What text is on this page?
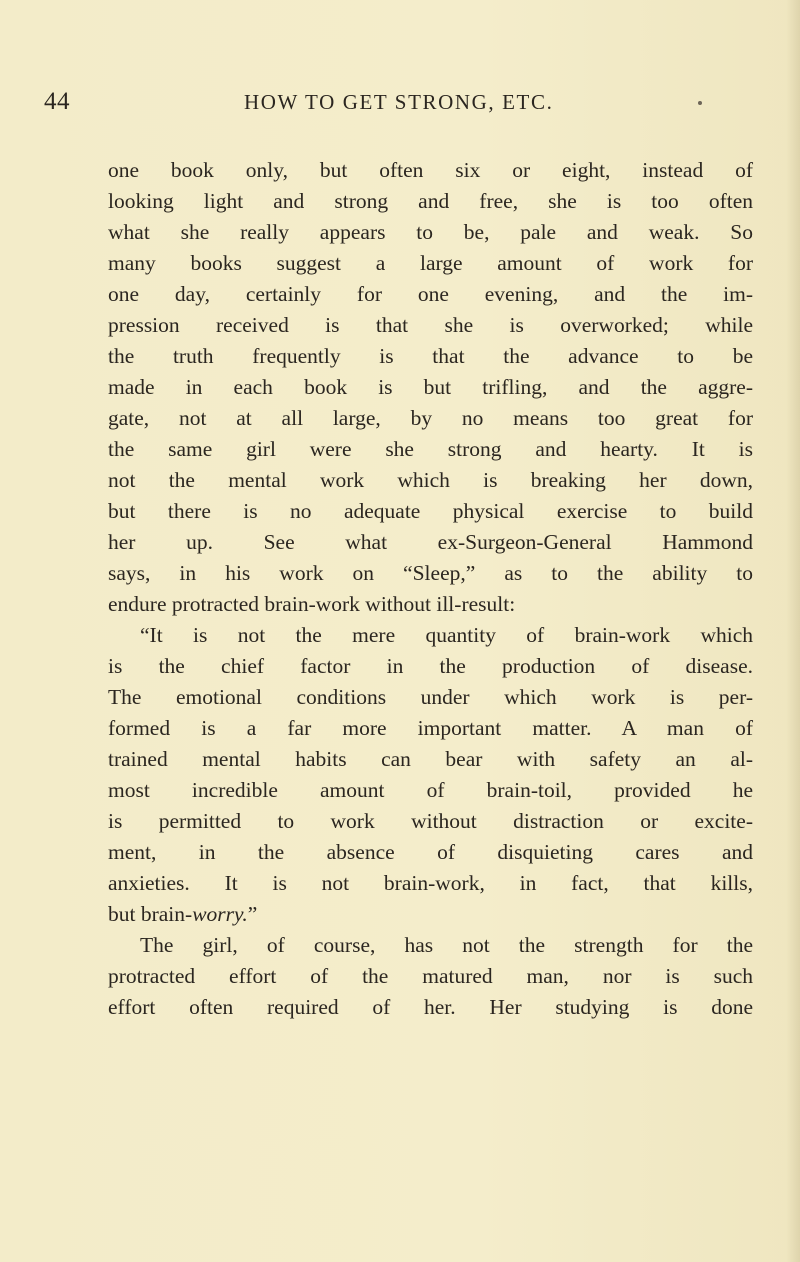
44	HOW TO GET STRONG, ETC.
one book only, but often six or eight, instead of
looking light and strong and free, she is too often
what she really appears to be, pale and weak. So
many books suggest a large amount of work for
one day, certainly for one evening, and the im-
pression received is that she is overworked; while
the truth frequently is that the advance to be
made in each book is but trifling, and the aggre-
gate, not at all large, by no means too great for
the same girl were she strong and hearty. It is
not the mental work which is breaking her down,
but there is no adequate physical exercise to build
her up. See what ex-Surgeon-General Hammond
says, in his work on “Sleep,” as to the ability to
endure protracted brain-work without ill-result:
“It is not the mere quantity of brain-work which
is the chief factor in the production of disease.
The emotional conditions under which work is per-
formed is a far more important matter. A man of
trained mental habits can bear with safety an al-
most incredible amount of brain-toil, provided he
is permitted to work without distraction or excite-
ment, in the absence of disquieting cares and
anxieties. It is not brain-work, in fact, that kills,
but brain-worry.”
The girl, of course, has not the strength for the
protracted effort of the matured man, nor is such
effort often required of her. Her studying is done
